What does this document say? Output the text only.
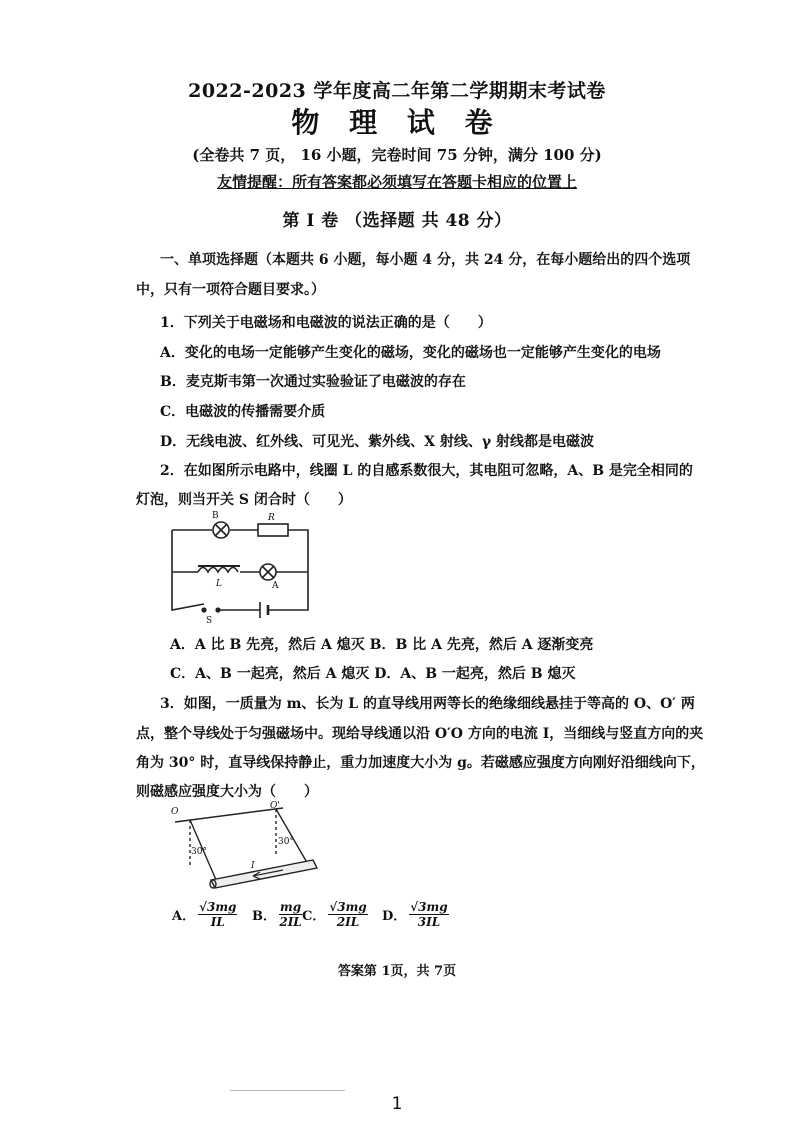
2022-2023 学年度高二年第二学期期末考试卷
物 理 试 卷
(全卷共 7 页， 16 小题，完卷时间 75 分钟，满分 100 分)
友情提醒：所有答案都必须填写在答题卡相应的位置上
第 I 卷 （选择题 共 48 分）
一、单项选择题（本题共 6 小题，每小题 4 分，共 24 分，在每小题给出的四个选项
中，只有一项符合题目要求。）
1．下列关于电磁场和电磁波的说法正确的是（　　）
A．变化的电场一定能够产生变化的磁场，变化的磁场也一定能够产生变化的电场
B．麦克斯韦第一次通过实验验证了电磁波的存在
C．电磁波的传播需要介质
D．无线电波、红外线、可见光、紫外线、X 射线、γ 射线都是电磁波
2．在如图所示电路中，线圈 L 的自感系数很大，其电阻可忽略，A、B 是完全相同的
灯泡，则当开关 S 闭合时（　　）
B	R
L	A
S
A．A 比 B 先亮，然后 A 熄灭 B．B 比 A 先亮，然后 A 逐渐变亮
C．A、B 一起亮，然后 A 熄灭 D．A、B 一起亮，然后 B 熄灭
3．如图，一质量为 m、长为 L 的直导线用两等长的绝缘细线悬挂于等高的 O、O′ 两
点，整个导线处于匀强磁场中。现给导线通以沿 O′O 方向的电流 I，当细线与竖直方向的夹
角为 30° 时，直导线保持静止，重力加速度大小为 g。若磁感应强度方向刚好沿细线向下，
则磁感应强度大小为（　　）
O
O'
30°
30°
I
A． $\frac{√3mg}{IL}$ B． $\frac{mg}{2IL}$ C． $\frac{√3mg}{2IL}$ D． $\frac{√3mg}{3IL}$
答案第 1页，共 7页
1
